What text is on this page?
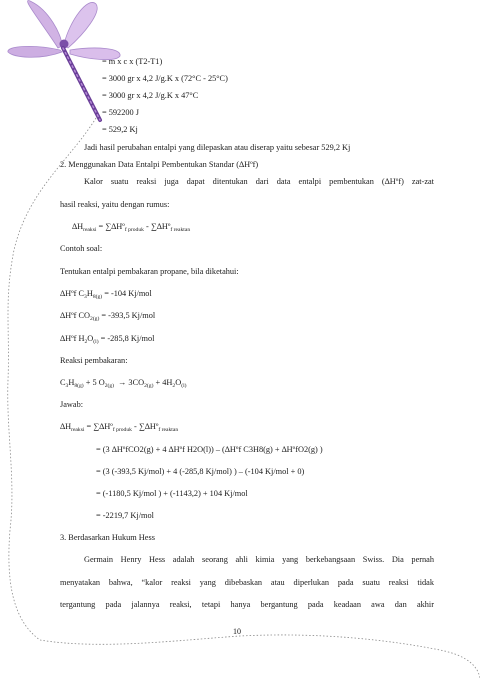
= m x c x (T2-T1)
= 3000 gr x 4,2 J/g.K x (72°C - 25°C)
= 3000 gr x 4,2 J/g.K x 47°C
= 592200 J
= 529,2 Kj
Jadi hasil perubahan entalpi yang dilepaskan atau diserap yaitu sebesar 529,2 Kj
2. Menggunakan Data Entalpi Pembentukan Standar (∆Hºf)
Kalor suatu reaksi juga dapat ditentukan dari data entalpi pembentukan (∆Hºf) zat-zat
hasil reaksi, yaitu dengan rumus:
$\Delta H_{reaksi}$ = ∑∆Hº$_{f produk}$ - ∑∆Hº$_{f reaktan}$
Contoh soal:
Tentukan entalpi pembakaran propane, bila diketahui:
∆Hºf $C_3H_{8(g)} = -104$ Kj/mol
∆Hºf $CO_{2(g)} = -393,5$ Kj/mol
∆Hºf $H_2O_{(l)} = -285,8$ Kj/mol
Reaksi pembakaran:
$C_3H_{8(g)} + 5$ $O_{2(g)} \to 3CO_{2(g)} + 4H_2O_{(l)}$
Jawab:
$\Delta H_{reaksi}$ = ∑∆Hº$_{f produk}$ - ∑∆Hº$_{f reaktan}$
= (3 ∆HºfCO2(g) + 4 ∆Hºf H2O(l)) – (∆Hºf C3H8(g) + ∆HºfO2(g) )
= (3 (-393,5 Kj/mol) + 4 (-285,8 Kj/mol) ) – (-104 Kj/mol + 0)
= (-1180,5 Kj/mol ) + (-1143,2) + 104 Kj/mol
= -2219,7 Kj/mol
3. Berdasarkan Hukum Hess
Germain Henry Hess adalah seorang ahli kimia yang berkebangsaan Swiss. Dia pernah
menyatakan bahwa, “kalor reaksi yang dibebaskan atau diperlukan pada suatu reaksi tidak
tergantung pada jalannya reaksi, tetapi hanya bergantung pada keadaan awa dan akhir
10
